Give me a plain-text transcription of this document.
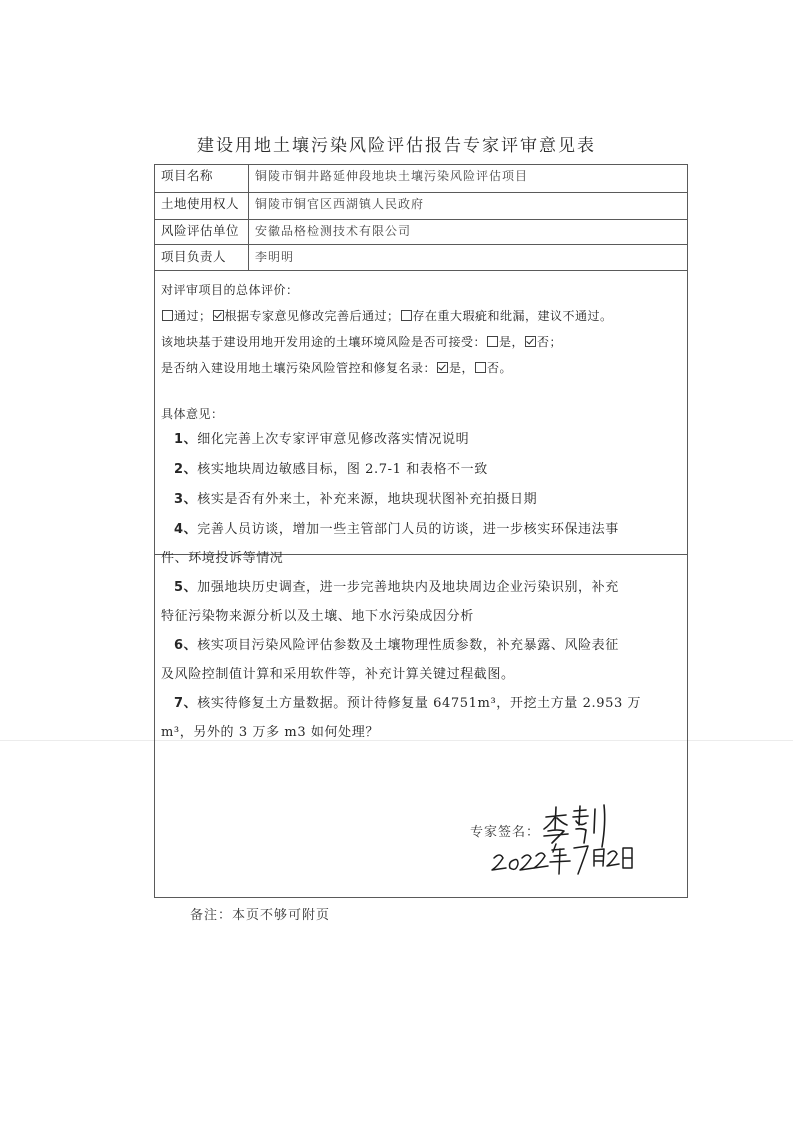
建设用地土壤污染风险评估报告专家评审意见表
项目名称	铜陵市铜井路延伸段地块土壤污染风险评估项目
土地使用权人	铜陵市铜官区西湖镇人民政府
风险评估单位	安徽品格检测技术有限公司
项目负责人	李明明
对评审项目的总体评价：
通过； 根据专家意见修改完善后通过； 存在重大瑕疵和纰漏，建议不通过。
该地块基于建设用地开发用途的土壤环境风险是否可接受： 是， 否；
是否纳入建设用地土壤污染风险管控和修复名录： 是， 否。
具体意见：
1、细化完善上次专家评审意见修改落实情况说明
2、核实地块周边敏感目标，图 2.7-1 和表格不一致
3、核实是否有外来土，补充来源，地块现状图补充拍摄日期
4、完善人员访谈，增加一些主管部门人员的访谈，进一步核实环保违法事
件、环境投诉等情况
5、加强地块历史调查，进一步完善地块内及地块周边企业污染识别，补充
特征污染物来源分析以及土壤、地下水污染成因分析
6、核实项目污染风险评估参数及土壤物理性质参数，补充暴露、风险表征
及风险控制值计算和采用软件等，补充计算关键过程截图。
7、核实待修复土方量数据。预计待修复量 64751m³，开挖土方量 2.953 万
m³，另外的 3 万多 m3 如何处理？
专家签名：
备注：本页不够可附页
